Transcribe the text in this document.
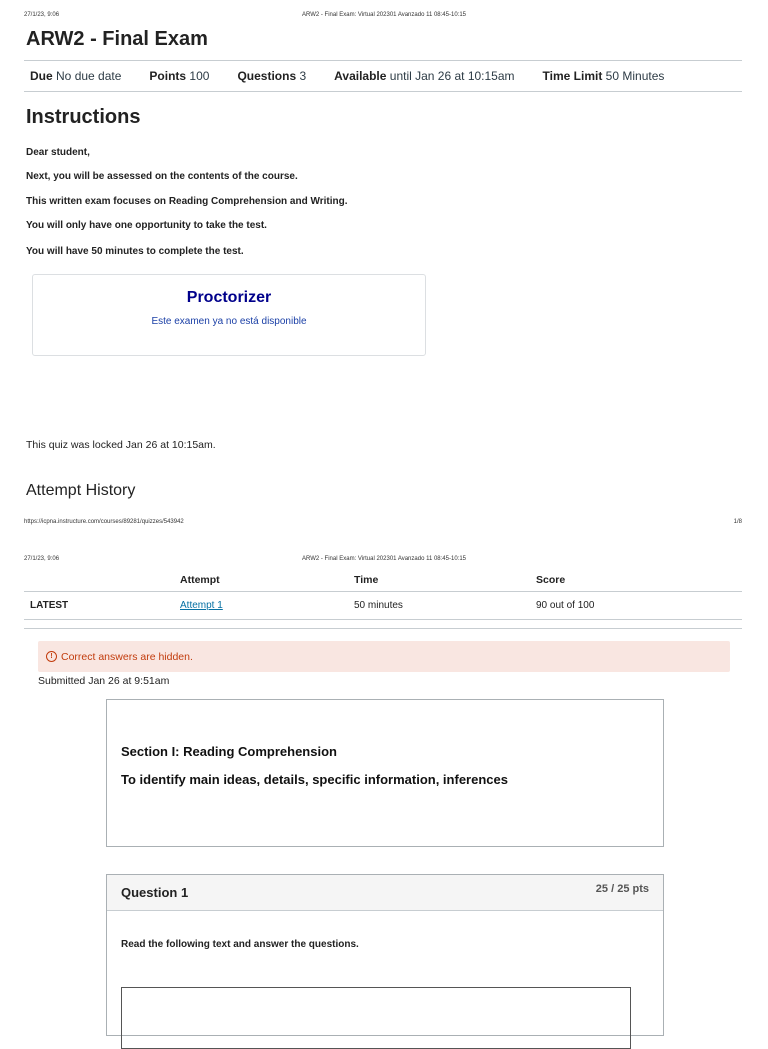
27/1/23, 9:06	ARW2 - Final Exam: Virtual 202301 Avanzado 11 08:45-10:15
ARW2 - Final Exam
Due No due date Points 100 Questions 3 Available until Jan 26 at 10:15am Time Limit 50 Minutes
Instructions
Dear student,
Next, you will be assessed on the contents of the course.
This written exam focuses on Reading Comprehension and Writing.
You will only have one opportunity to take the test.
You will have 50 minutes to complete the test.
Proctorizer
Este examen ya no está disponible
This quiz was locked Jan 26 at 10:15am.
Attempt History
https://icpna.instructure.com/courses/89281/quizzes/543942	1/8
27/1/23, 9:06	ARW2 - Final Exam: Virtual 202301 Avanzado 11 08:45-10:15
	Attempt	Time	Score
LATEST	Attempt 1	50 minutes	90 out of 100
! Correct answers are hidden.
Submitted Jan 26 at 9:51am
Section I: Reading Comprehension
To identify main ideas, details, specific information, inferences
Question 1	25 / 25 pts
Read the following text and answer the questions.
